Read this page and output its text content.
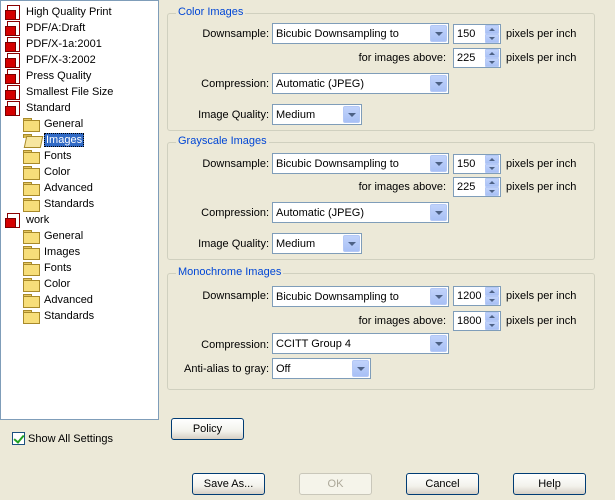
High Quality Print
PDF/A:Draft
PDF/X-1a:2001
PDF/X-3:2002
Press Quality
Smallest File Size
Standard
General
Images
Fonts
Color
Advanced
Standards
work
General
Images
Fonts
Color
Advanced
Standards
Color Images
Downsample: Bicubic Downsampling to	150	pixels per inch
for images above: 225	pixels per inch
Compression: Automatic (JPEG)
Image Quality: Medium
Grayscale Images
Downsample: Bicubic Downsampling to	150	pixels per inch
for images above: 225	pixels per inch
Compression: Automatic (JPEG)
Image Quality: Medium
Monochrome Images
Downsample: Bicubic Downsampling to	1200	pixels per inch
for images above: 1800	pixels per inch
Compression: CCITT Group 4
Anti-alias to gray: Off
Show All Settings
Policy
Save As...	OK	Cancel	Help
